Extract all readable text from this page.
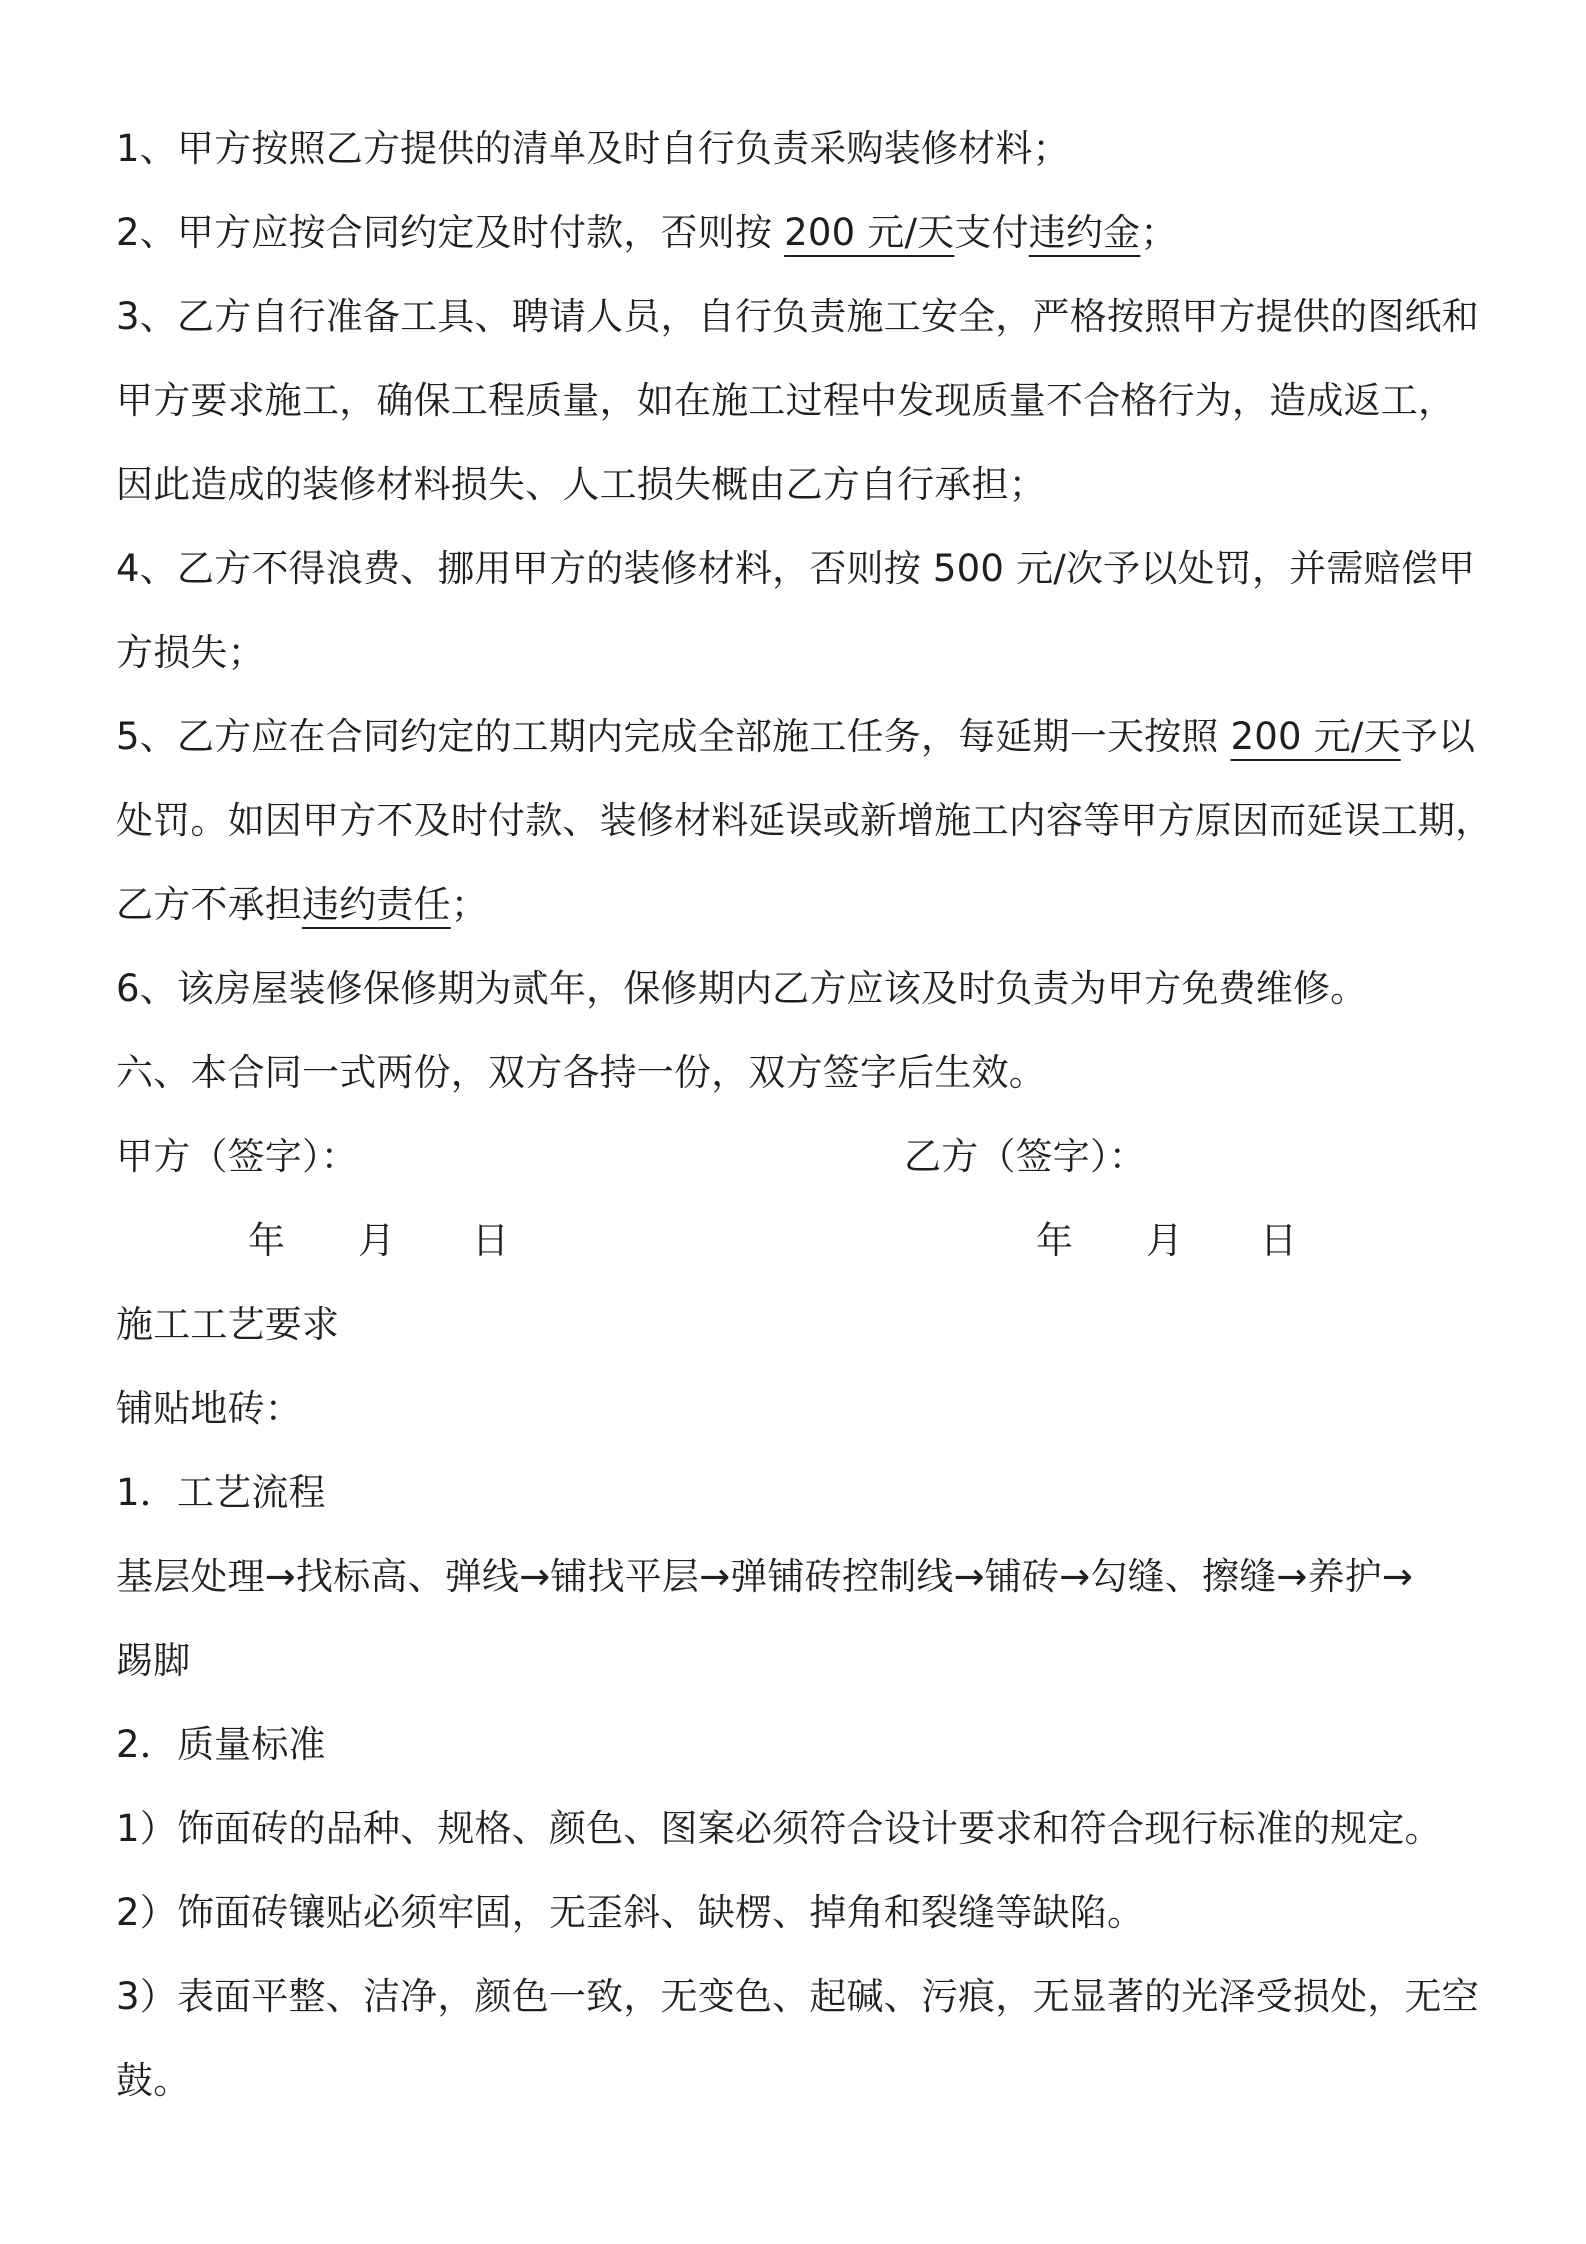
1、甲方按照乙方提供的清单及时自行负责采购装修材料；
2、甲方应按合同约定及时付款，否则按 200 元/天支付违约金；
3、乙方自行准备工具、聘请人员，自行负责施工安全，严格按照甲方提供的图纸和
甲方要求施工，确保工程质量，如在施工过程中发现质量不合格行为，造成返工，
因此造成的装修材料损失、人工损失概由乙方自行承担；
4、乙方不得浪费、挪用甲方的装修材料，否则按 500 元/次予以处罚，并需赔偿甲
方损失；
5、乙方应在合同约定的工期内完成全部施工任务，每延期一天按照 200 元/天予以
处罚。如因甲方不及时付款、装修材料延误或新增施工内容等甲方原因而延误工期，
乙方不承担违约责任；
6、该房屋装修保修期为贰年，保修期内乙方应该及时负责为甲方免费维修。
六、本合同一式两份，双方各持一份，双方签字后生效。
甲方（签字）：	乙方（签字）：
年 月 日	年 月 日
施工工艺要求
铺贴地砖：
1．工艺流程
基层处理→找标高、弹线→铺找平层→弹铺砖控制线→铺砖→勾缝、擦缝→养护→
踢脚
2．质量标准
1）饰面砖的品种、规格、颜色、图案必须符合设计要求和符合现行标准的规定。
2）饰面砖镶贴必须牢固，无歪斜、缺楞、掉角和裂缝等缺陷。
3）表面平整、洁净，颜色一致，无变色、起碱、污痕，无显著的光泽受损处，无空
鼓。
